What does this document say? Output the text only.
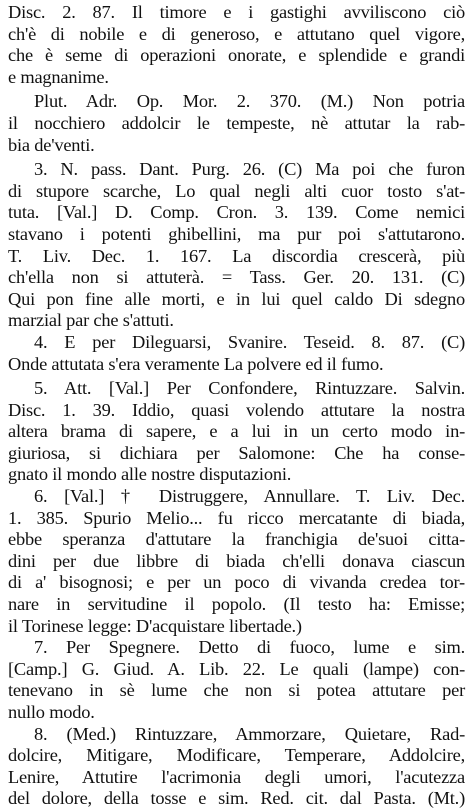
Disc. 2. 87. Il timore e i gastighi avviliscono ciò
ch'è di nobile e di generoso, e attutano quel vigore,
che è seme di operazioni onorate, e splendide e grandi
e magnanime.
Plut. Adr. Op. Mor. 2. 370. (M.) Non potria
il nocchiero addolcir le tempeste, nè attutar la rab-
bia de'venti.
3. N. pass. Dant. Purg. 26. (C) Ma poi che furon
di stupore scarche, Lo qual negli alti cuor tosto s'at-
tuta. [Val.] D. Comp. Cron. 3. 139. Come nemici
stavano i potenti ghibellini, ma pur poi s'attutarono.
T. Liv. Dec. 1. 167. La discordia crescerà, più
ch'ella non si attuterà. = Tass. Ger. 20. 131. (C)
Qui pon fine alle morti, e in lui quel caldo Di sdegno
marzial par che s'attuti.
4. E per Dileguarsi, Svanire. Teseid. 8. 87. (C)
Onde attutata s'era veramente La polvere ed il fumo.
5. Att. [Val.] Per Confondere, Rintuzzare. Salvin.
Disc. 1. 39. Iddio, quasi volendo attutare la nostra
altera brama di sapere, e a lui in un certo modo in-
giuriosa, si dichiara per Salomone: Che ha conse-
gnato il mondo alle nostre disputazioni.
6. [Val.] † Distruggere, Annullare. T. Liv. Dec.
1. 385. Spurio Melio... fu ricco mercatante di biada,
ebbe speranza d'attutare la franchigia de'suoi citta-
dini per due libbre di biada ch'elli donava ciascun
di a' bisognosi; e per un poco di vivanda credea tor-
nare in servitudine il popolo. (Il testo ha: Emisse;
il Torinese legge: D'acquistare libertade.)
7. Per Spegnere. Detto di fuoco, lume e sim.
[Camp.] G. Giud. A. Lib. 22. Le quali (lampe) con-
tenevano in sè lume che non si potea attutare per
nullo modo.
8. (Med.) Rintuzzare, Ammorzare, Quietare, Rad-
dolcire, Mitigare, Modificare, Temperare, Addolcire,
Lenire, Attutire l'acrimonia degli umori, l'acutezza
del dolore, della tosse e sim. Red. cit. dal Pasta. (Mt.)
